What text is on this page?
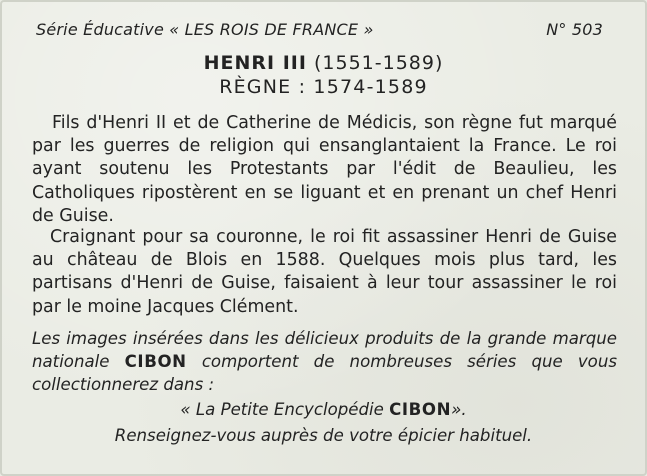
Série Éducative « LES ROIS DE FRANCE »	N° 503
HENRI III (1551-1589)
RÈGNE : 1574-1589
Fils d'Henri II et de Catherine de Médicis, son règne fut marqué par les guerres de religion qui ensanglantaient la France. Le roi ayant soutenu les Protestants par l'édit de Beaulieu, les Catholiques ripostèrent en se liguant et en prenant un chef Henri de Guise.
Craignant pour sa couronne, le roi fit assassiner Henri de Guise au château de Blois en 1588. Quelques mois plus tard, les partisans d'Henri de Guise, faisaient à leur tour assassiner le roi par le moine Jacques Clément.
Les images insérées dans les délicieux produits de la grande marque nationale CIBON comportent de nombreuses séries que vous collectionnerez dans :
« La Petite Encyclopédie CIBON».
Renseignez-vous auprès de votre épicier habituel.
